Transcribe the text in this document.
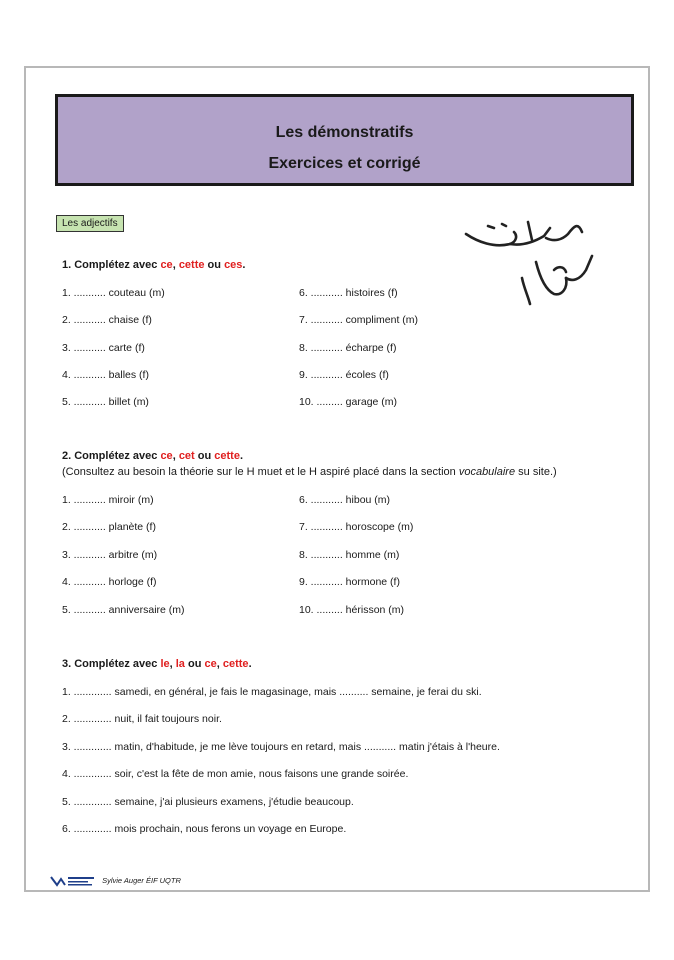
Les démonstratifs
Exercices et corrigé
Les adjectifs
ام ياسين
1. Complétez avec ce, cette ou ces.
1. ........... couteau (m)
2. ........... chaise (f)
3. ........... carte (f)
4. ........... balles (f)
5. ........... billet (m)
6. ........... histoires (f)
7. ........... compliment (m)
8. ........... écharpe (f)
9. ........... écoles (f)
10. ......... garage (m)
2. Complétez avec ce, cet ou cette.
(Consultez au besoin la théorie sur le H muet et le H aspiré placé dans la section vocabulaire su site.)
1. ........... miroir (m)
2. ........... planète (f)
3. ........... arbitre (m)
4. ........... horloge (f)
5. ........... anniversaire (m)
6. ........... hibou (m)
7. ........... horoscope (m)
8. ........... homme (m)
9. ........... hormone (f)
10. ......... hérisson (m)
3. Complétez avec le, la ou ce, cette.
1. ............. samedi, en général, je fais le magasinage, mais .......... semaine, je ferai du ski.
2. ............. nuit, il fait toujours noir.
3. ............. matin, d'habitude, je me lève toujours en retard, mais ........... matin j'étais à l'heure.
4. ............. soir, c'est la fête de mon amie, nous faisons une grande soirée.
5. ............. semaine, j'ai plusieurs examens, j'étudie beaucoup.
6. ............. mois prochain, nous ferons un voyage en Europe.
Sylvie Auger ÉIF UQTR
